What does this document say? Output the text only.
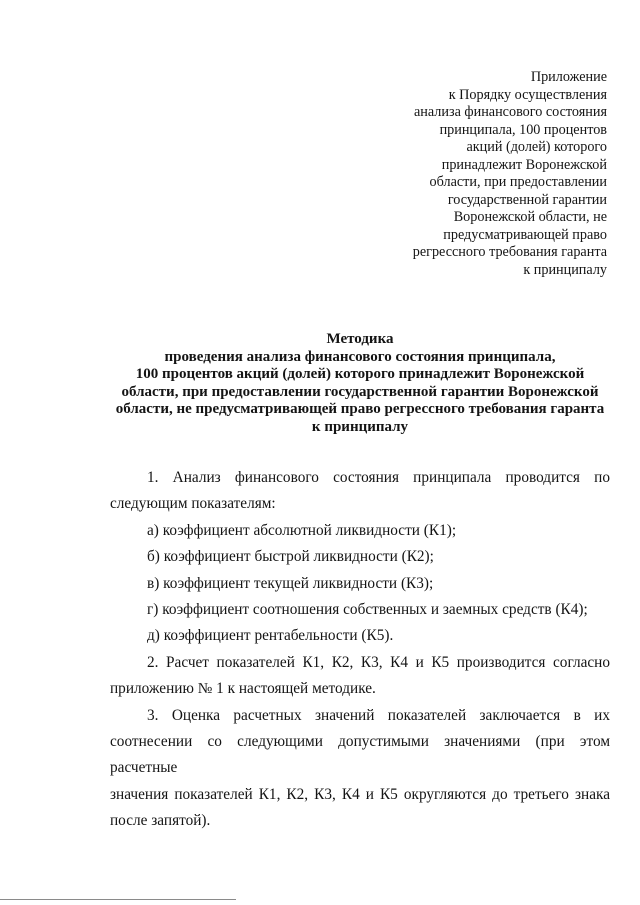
Приложение
к Порядку осуществления
анализа финансового состояния
принципала, 100 процентов
акций (долей) которого
принадлежит Воронежской
области, при предоставлении
государственной гарантии
Воронежской области, не
предусматривающей право
регрессного требования гаранта
к принципалу
Методика
проведения анализа финансового состояния принципала,
100 процентов акций (долей) которого принадлежит Воронежской
области, при предоставлении государственной гарантии Воронежской
области, не предусматривающей право регрессного требования гаранта
к принципалу
1. Анализ финансового состояния принципала проводится по
следующим показателям:
а) коэффициент абсолютной ликвидности (К1);
б) коэффициент быстрой ликвидности (К2);
в) коэффициент текущей ликвидности (К3);
г) коэффициент соотношения собственных и заемных средств (К4);
д) коэффициент рентабельности (К5).
2. Расчет показателей К1, К2, К3, К4 и К5 производится согласно
приложению № 1 к настоящей методике.
3. Оценка расчетных значений показателей заключается в их
соотнесении со следующими допустимыми значениями (при этом расчетные
значения показателей К1, К2, К3, К4 и К5 округляются до третьего знака
после запятой).
